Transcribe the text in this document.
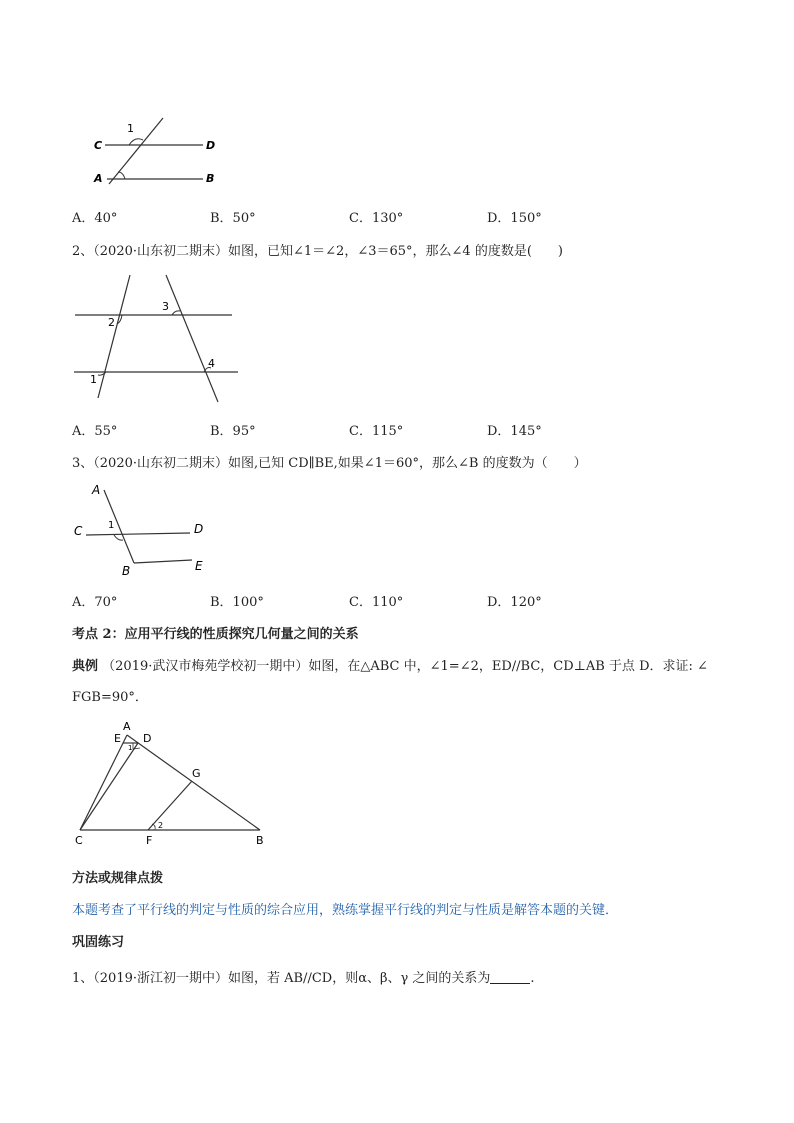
1
C	D
A	B
A．40°	B．50°	C．130°	D．150°
2、（2020·山东初二期末）如图，已知∠1＝∠2，∠3＝65°，那么∠4 的度数是(　　)
2
3
4
1
A．55°	B．95°	C．115°	D．145°
3、（2020·山东初二期末）如图,已知 CD∥BE,如果∠1＝60°，那么∠B 的度数为（　　）
A
C	1	D
B	E
A．70°	B．100°	C．110°	D．120°
考点 2：应用平行线的性质探究几何量之间的关系
典例 （2019·武汉市梅苑学校初一期中）如图，在△ABC 中，∠1=∠2，ED//BC，CD⊥AB 于点 D．求证: ∠
FGB=90°．
A
E D
1
G
C	F
2
B
方法或规律点拨
本题考查了平行线的判定与性质的综合应用，熟练掌握平行线的判定与性质是解答本题的关键．
巩固练习
1、（2019·浙江初一期中）如图，若 AB//CD，则α、β、γ 之间的关系为	.
